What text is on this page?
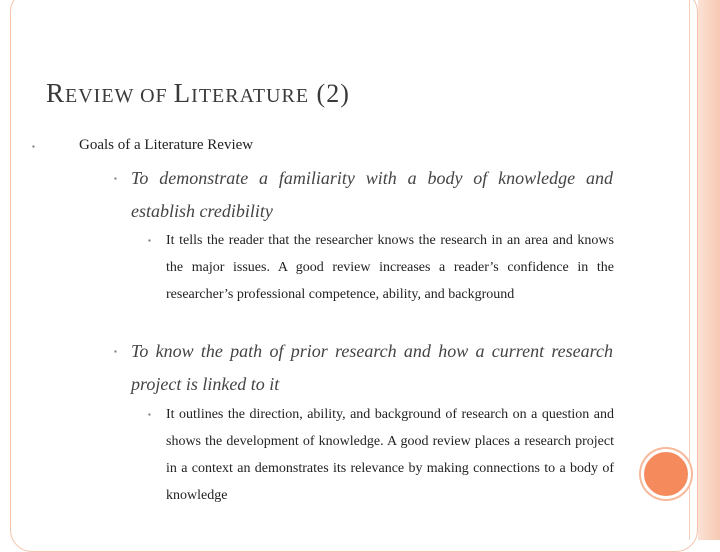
REVIEW OF LITERATURE (2)
▪	Goals of a Literature Review
▪ To demonstrate a familiarity with a body of knowledge and establish credibility
▪ It tells the reader that the researcher knows the research in an area and knows the major issues. A good review increases a reader’s confidence in the researcher’s professional competence, ability, and background
▪ To know the path of prior research and how a current research project is linked to it
▪ It outlines the direction, ability, and background of research on a question and shows the development of knowledge. A good review places a research project in a context an demonstrates its relevance by making connections to a body of knowledge
